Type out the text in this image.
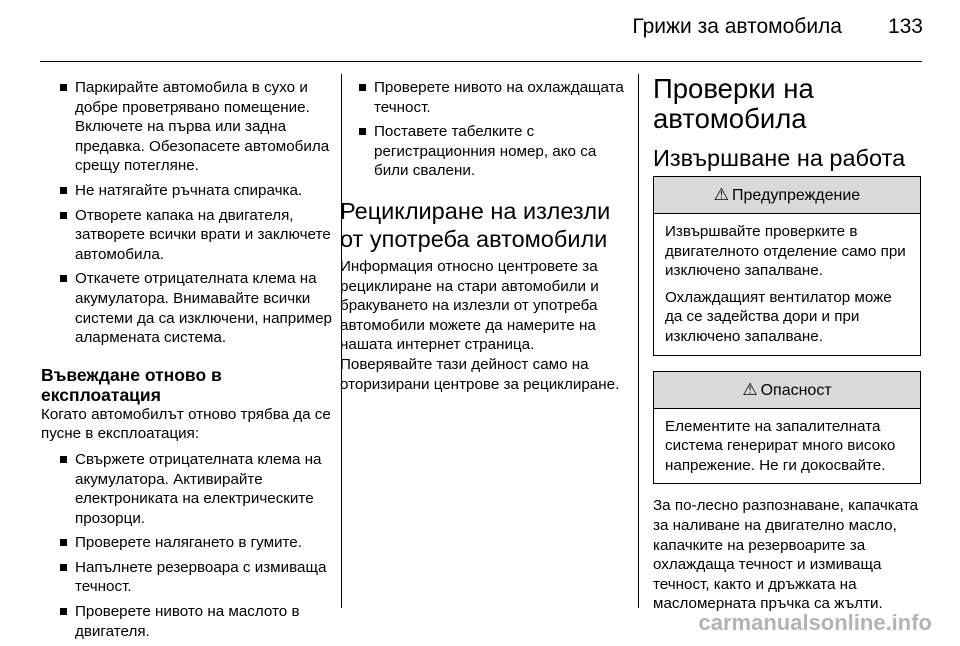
Грижи за автомобила 133
Паркирайте автомобила в сухо и добре проветрявано помещение. Включете на първа или задна предавка. Обезопасете автомобила срещу потегляне.
Не натягайте ръчната спирачка.
Отворете капака на двигателя, затворете всички врати и заключете автомобила.
Откачете отрицателната клема на акумулатора. Внимавайте всички системи да са изключени, например алармената система.
Въвеждане отново в експлоатация

Когато автомобилът отново трябва да се пусне в експлоатация:

Свържете отрицателната клема на акумулатора. Активирайте електрониката на електрическите прозорци.
Проверете налягането в гумите.
Напълнете резервоара с измиваща течност.
Проверете нивото на маслото в двигателя.
Проверете нивото на охлаждащата течност.
Поставете табелките с регистрационния номер, ако са били свалени.
Рециклиране на излезли от употреба автомобили

Информация относно центровете за рециклиране на стари автомобили и бракуването на излезли от употреба автомобили можете да намерите на нашата интернет страница. Поверявайте тази дейност само на оторизирани центрове за рециклиране.

Проверки на автомобила
Извършване на работа
⚠ Предупреждение

Извършвайте проверките в двигателното отделение само при изключено запалване.

Охлаждащият вентилатор може да се задейства дори и при изключено запалване.

⚠ Опасност

Елементите на запалителната система генерират много високо напрежение. Не ги докосвайте.

За по-лесно разпознаване, капачката за наливане на двигателно масло, капачките на резервоарите за охлаждаща течност и измиваща течност, както и дръжката на масломерната пръчка са жълти.

carmanualsonline.info
